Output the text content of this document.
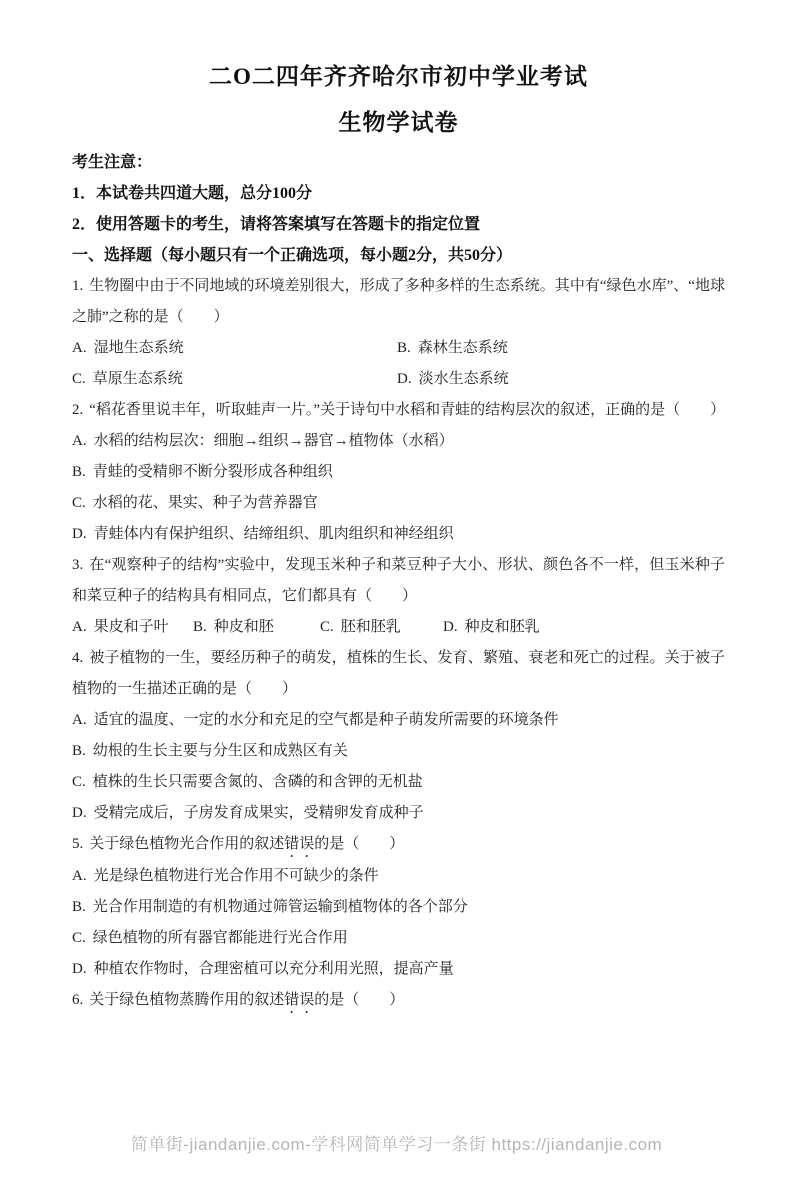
二O二四年齐齐哈尔市初中学业考试
生物学试卷
考生注意：
1．本试卷共四道大题，总分100分
2．使用答题卡的考生，请将答案填写在答题卡的指定位置
一、选择题（每小题只有一个正确选项，每小题2分，共50分）
1. 生物圈中由于不同地域的环境差别很大，形成了多种多样的生态系统。其中有“绿色水库”、“地球之肺”之称的是（　　）
A. 湿地生态系统	B. 森林生态系统
C. 草原生态系统	D. 淡水生态系统
2. “稻花香里说丰年，听取蛙声一片。”关于诗句中水稻和青蛙的结构层次的叙述，正确的是（　　）
A. 水稻的结构层次：细胞→组织→器官→植物体（水稻）
B. 青蛙的受精卵不断分裂形成各种组织
C. 水稻的花、果实、种子为营养器官
D. 青蛙体内有保护组织、结缔组织、肌肉组织和神经组织
3. 在“观察种子的结构”实验中，发现玉米种子和菜豆种子大小、形状、颜色各不一样，但玉米种子和菜豆种子的结构具有相同点，它们都具有（　　）
A. 果皮和子叶 B. 种皮和胚	C. 胚和胚乳	D. 种皮和胚乳
4. 被子植物的一生，要经历种子的萌发，植株的生长、发育、繁殖、衰老和死亡的过程。关于被子植物的一生描述正确的是（　　）
A. 适宜的温度、一定的水分和充足的空气都是种子萌发所需要的环境条件
B. 幼根的生长主要与分生区和成熟区有关
C. 植株的生长只需要含氮的、含磷的和含钾的无机盐
D. 受精完成后，子房发育成果实，受精卵发育成种子
5. 关于绿色植物光合作用的叙述错误的是（　　）
A. 光是绿色植物进行光合作用不可缺少的条件
B. 光合作用制造的有机物通过筛管运输到植物体的各个部分
C. 绿色植物的所有器官都能进行光合作用
D. 种植农作物时，合理密植可以充分利用光照，提高产量
6. 关于绿色植物蒸腾作用的叙述错误的是（　　）
简单街-jiandanjie.com-学科网简单学习一条街 https://jiandanjie.com
